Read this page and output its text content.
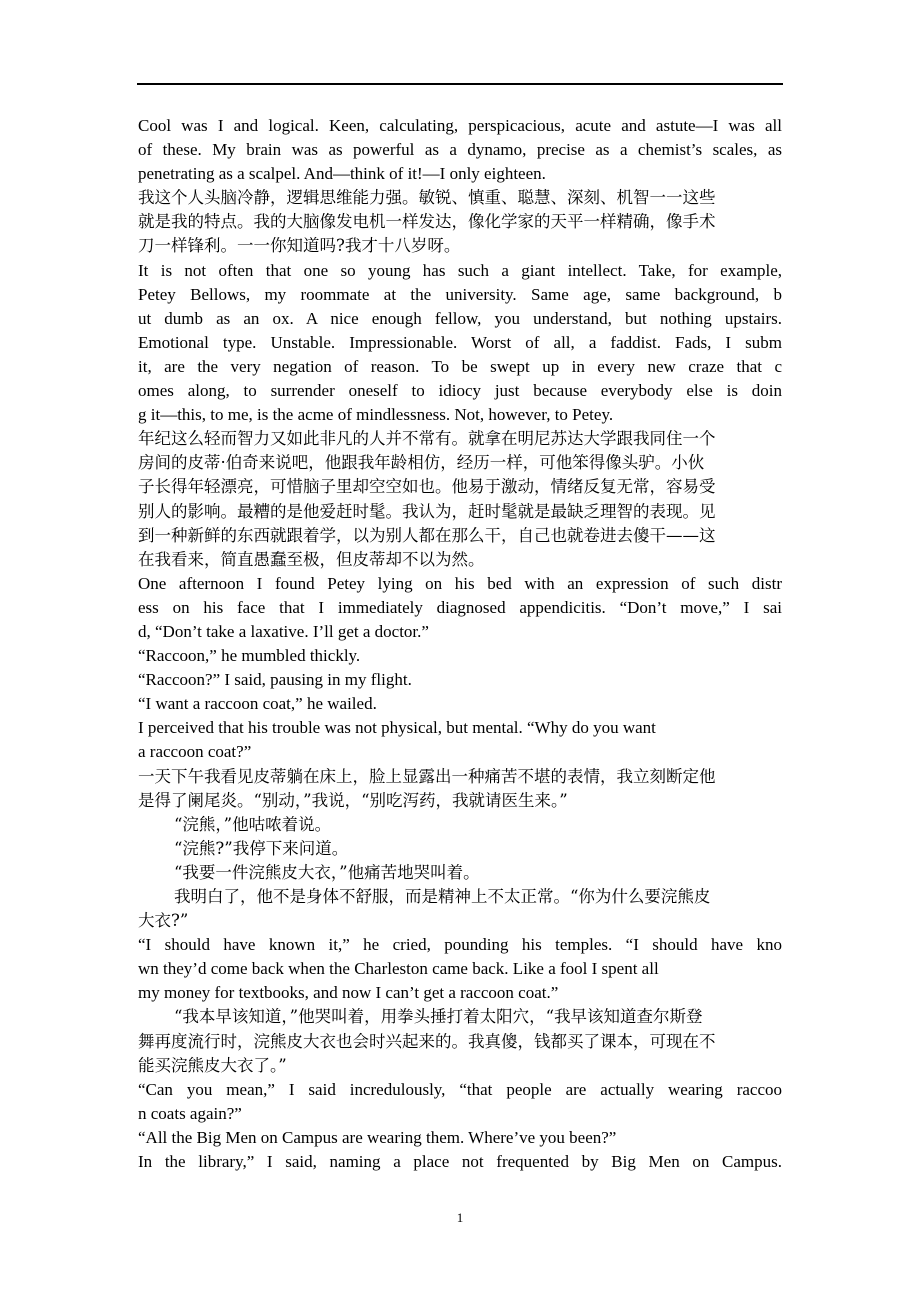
Cool was I and logical. Keen, calculating, perspicacious, acute and astute—I was all
of these. My brain was as powerful as a dynamo, precise as a chemist’s scales, as
penetrating as a scalpel. And—think of it!—I only eighteen.
我这个人头脑冷静，逻辑思维能力强。敏锐、慎重、聪慧、深刻、机智一一这些
就是我的特点。我的大脑像发电机一样发达，像化学家的天平一样精确，像手术
刀一样锋利。一一你知道吗?我才十八岁呀。
It is not often that one so young has such a giant intellect. Take, for example,
Petey Bellows, my roommate at the university. Same age, same background, b
ut dumb as an ox. A nice enough fellow, you understand, but nothing upstairs.
Emotional type. Unstable. Impressionable. Worst of all, a faddist. Fads, I subm
it, are the very negation of reason. To be swept up in every new craze that c
omes along, to surrender oneself to idiocy just because everybody else is doin
g it—this, to me, is the acme of mindlessness. Not, however, to Petey.
年纪这么轻而智力又如此非凡的人并不常有。就拿在明尼苏达大学跟我同住一个
房间的皮蒂·伯奇来说吧，他跟我年龄相仿，经历一样，可他笨得像头驴。小伙
子长得年轻漂亮，可惜脑子里却空空如也。他易于激动，情绪反复无常，容易受
别人的影响。最糟的是他爱赶时髦。我认为，赶时髦就是最缺乏理智的表现。见
到一种新鲜的东西就跟着学，以为别人都在那么干，自己也就卷进去傻干——这
在我看来，简直愚蠢至极，但皮蒂却不以为然。
One afternoon I found Petey lying on his bed with an expression of such distr
ess on his face that I immediately diagnosed appendicitis. “Don’t move,” I sai
d, “Don’t take a laxative. I’ll get a doctor.”
“Raccoon,” he mumbled thickly.
“Raccoon?” I said, pausing in my flight.
“I want a raccoon coat,” he wailed.
I perceived that his trouble was not physical, but mental. “Why do you want
a raccoon coat?”
一天下午我看见皮蒂躺在床上，脸上显露出一种痛苦不堪的表情，我立刻断定他
是得了阑尾炎。“别动，”我说，“别吃泻药，我就请医生来。”
“浣熊，”他咕哝着说。
“浣熊?”我停下来问道。
“我要一件浣熊皮大衣，”他痛苦地哭叫着。
我明白了，他不是身体不舒服，而是精神上不太正常。“你为什么要浣熊皮
大衣?”
“I should have known it,” he cried, pounding his temples. “I should have kno
wn they’d come back when the Charleston came back. Like a fool I spent all
my money for textbooks, and now I can’t get a raccoon coat.”
“我本早该知道，”他哭叫着，用拳头捶打着太阳穴，“我早该知道查尔斯登
舞再度流行时，浣熊皮大衣也会时兴起来的。我真傻，钱都买了课本，可现在不
能买浣熊皮大衣了。”
“Can you mean,” I said incredulously, “that people are actually wearing raccoo
n coats again?”
“All the Big Men on Campus are wearing them. Where’ve you been?”
In the library,” I said, naming a place not frequented by Big Men on Campus.
1
